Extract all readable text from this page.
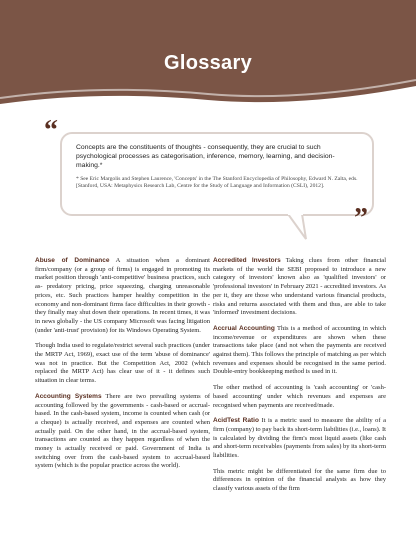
Glossary
“

Concepts are the constituents of thoughts - consequently, they are crucial to such psychological processes as categorisation, inference, memory, learning, and decision-making.*

* See Eric Margolis and Stephen Laurence, 'Concepts' in the The Stanford Encyclopedia of Philosophy, Edward N. Zalta, eds. [Stanford, USA: Metaphysics Research Lab, Centre for the Study of Language and Information (CSLI), 2012].

”

Abuse of Dominance A situation when a dominant firm/company (or a group of firms) is engaged in promoting its market position through 'anti-competitive' business practices, such as- predatory pricing, price squeezing, charging unreasonable prices, etc. Such practices hamper healthy competition in the economy and non-dominant firms face difficulties in their growth - they finally may shut down their operations. In recent times, it was in news globally - the US company Microsoft was facing litigation (under 'anti-trust' provision) for its Windows Operating System.

Though India used to regulate/restrict several such practices (under the MRTP Act, 1969), exact use of the term 'abuse of dominance' was not in practice. But the Competition Act, 2002 (which replaced the MRTP Act) has clear use of it - it defines such situation in clear terms.

Accounting Systems There are two prevailing systems of accounting followed by the governments - cash-based or accrual-based. In the cash-based system, income is counted when cash (or a cheque) is actually received, and expenses are counted when actually paid. On the other hand, in the accrual-based system, transactions are counted as they happen regardless of when the money is actually received or paid. Government of India is switching over from the cash-based system to accrual-based system (which is the popular practice across the world).

Accredited Investors Taking clues from other financial markets of the world the SEBI proposed to introduce a new category of investors' known also as 'qualified investors' or 'professional investors' in February 2021 - accredited investors. As per it, they are those who understand various financial products, risks and returns associated with them and thus, are able to take 'informed' investment decisions.

Accrual Accounting This is a method of accounting in which income/revenue or expenditures are shown when these transactions take place (and not when the payments are received against them). This follows the principle of matching as per which revenues and expenses should be recognised in the same period. Double-entry bookkeeping method is used in it.

The other method of accounting is 'cash accounting' or 'cash-based accounting' under which revenues and expenses are recognised when payments are received/made.

AcidTest Ratio It is a metric used to measure the ability of a firm (company) to pay back its short-term liabilities (i.e., loans). It is calculated by dividing the firm's most liquid assets (like cash and short-term receivables (payments from sales) by its short-term liabilities.

This metric might be differentiated for the same firm due to differences in opinion of the financial analysts as how they classify various assets of the firm
